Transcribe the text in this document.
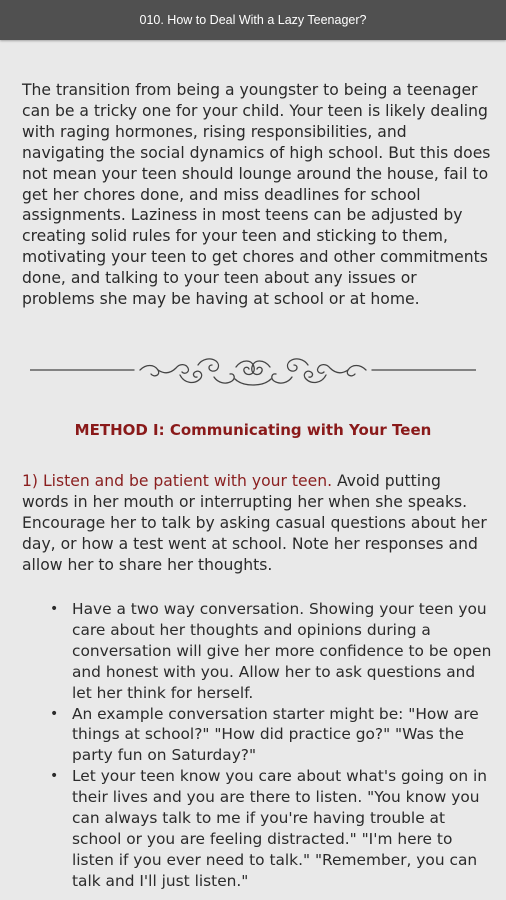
010. How to Deal With a Lazy Teenager?

The transition from being a youngster to being a teenager can be a tricky one for your child. Your teen is likely dealing with raging hormones, rising responsibilities, and navigating the social dynamics of high school. But this does not mean your teen should lounge around the house, fail to get her chores done, and miss deadlines for school assignments. Laziness in most teens can be adjusted by creating solid rules for your teen and sticking to them, motivating your teen to get chores and other commitments done, and talking to your teen about any issues or problems she may be having at school or at home.

METHOD I: Communicating with Your Teen

1) Listen and be patient with your teen. Avoid putting words in her mouth or interrupting her when she speaks. Encourage her to talk by asking casual questions about her day, or how a test went at school. Note her responses and allow her to share her thoughts.

• Have a two way conversation. Showing your teen you care about her thoughts and opinions during a conversation will give her more confidence to be open and honest with you. Allow her to ask questions and let her think for herself.
• An example conversation starter might be: "How are things at school?" "How did practice go?" "Was the party fun on Saturday?"
• Let your teen know you care about what's going on in their lives and you are there to listen. "You know you can always talk to me if you're having trouble at school or you are feeling distracted." "I'm here to listen if you ever need to talk." "Remember, you can talk and I'll just listen."
